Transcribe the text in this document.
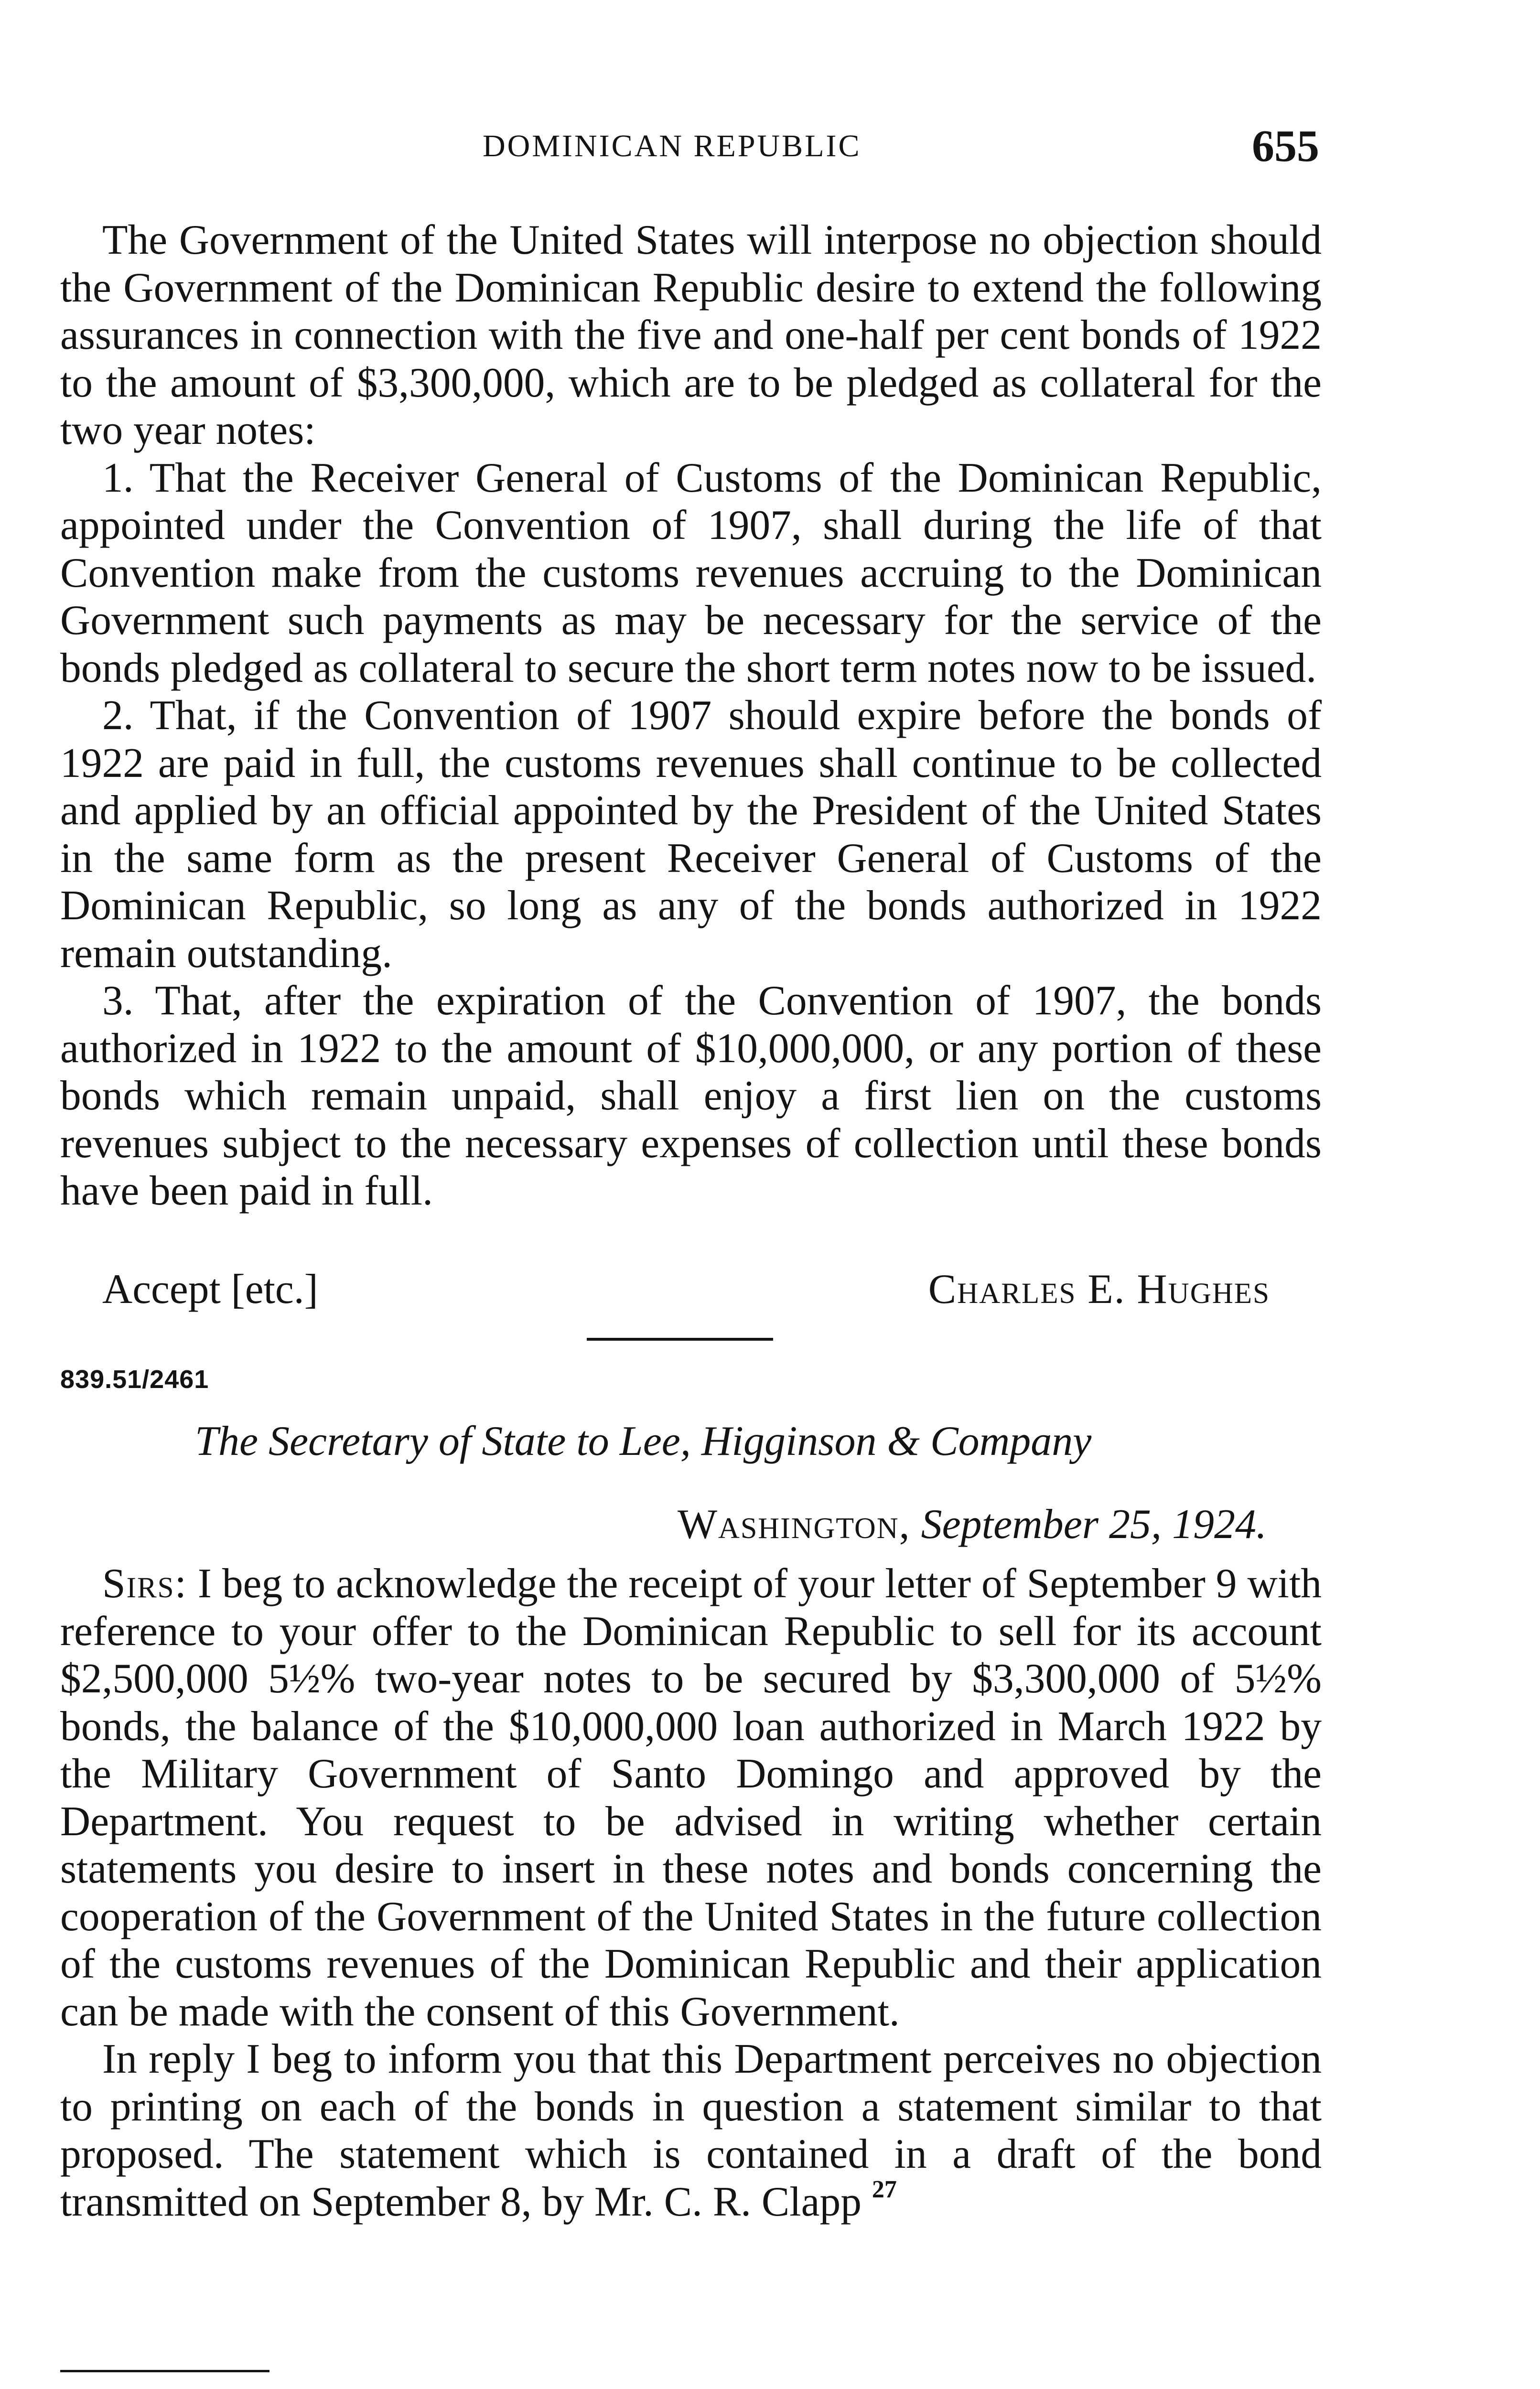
DOMINICAN REPUBLIC	655

The Government of the United States will interpose no objection should the Government of the Dominican Republic desire to extend the following assurances in connection with the five and one-half per cent bonds of 1922 to the amount of $3,300,000, which are to be pledged as collateral for the two year notes:

1. That the Receiver General of Customs of the Dominican Republic, appointed under the Convention of 1907, shall during the life of that Convention make from the customs revenues accruing to the Dominican Government such payments as may be necessary for the service of the bonds pledged as collateral to secure the short term notes now to be issued.

2. That, if the Convention of 1907 should expire before the bonds of 1922 are paid in full, the customs revenues shall continue to be collected and applied by an official appointed by the President of the United States in the same form as the present Receiver General of Customs of the Dominican Republic, so long as any of the bonds authorized in 1922 remain outstanding.

3. That, after the expiration of the Convention of 1907, the bonds authorized in 1922 to the amount of $10,000,000, or any portion of these bonds which remain unpaid, shall enjoy a first lien on the customs revenues subject to the necessary expenses of collection until these bonds have been paid in full.

Accept [etc.]	Charles E. Hughes
839.51/2461
The Secretary of State to Lee, Higginson & Company
Washington, September 25, 1924.

Sirs: I beg to acknowledge the receipt of your letter of September 9 with reference to your offer to the Dominican Republic to sell for its account $2,500,000 5½% two-year notes to be secured by $3,300,000 of 5½% bonds, the balance of the $10,000,000 loan authorized in March 1922 by the Military Government of Santo Domingo and approved by the Department. You request to be advised in writing whether certain statements you desire to insert in these notes and bonds concerning the cooperation of the Government of the United States in the future collection of the customs revenues of the Dominican Republic and their application can be made with the consent of this Government.

In reply I beg to inform you that this Department perceives no objection to printing on each of the bonds in question a statement similar to that proposed. The statement which is contained in a draft of the bond transmitted on September 8, by Mr. C. R. Clapp $^{27}$
